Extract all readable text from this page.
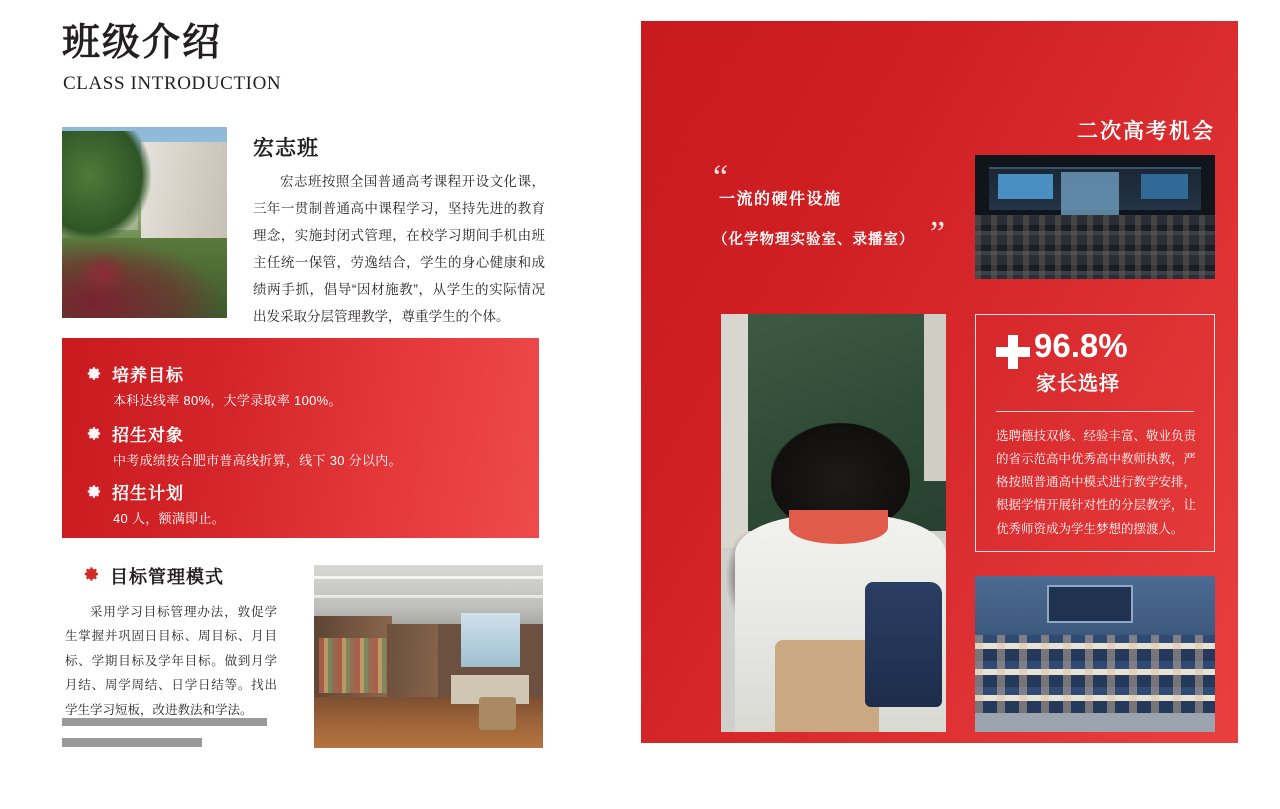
班级介绍
CLASS INTRODUCTION
宏志班
宏志班按照全国普通高考课程开设文化课，三年一贯制普通高中课程学习，坚持先进的教育理念，实施封闭式管理，在校学习期间手机由班主任统一保管，劳逸结合，学生的身心健康和成绩两手抓，倡导“因材施教”，从学生的实际情况出发采取分层管理教学，尊重学生的个体。
培养目标
本科达线率 80%，大学录取率 100%。
招生对象
中考成绩按合肥市普高线折算，线下 30 分以内。
招生计划
40 人，额满即止。
目标管理模式
采用学习目标管理办法，敦促学生掌握并巩固日目标、周目标、月目标、学期目标及学年目标。做到月学月结、周学周结、日学日结等。找出学生学习短板，改进教法和学法。
二次高考机会
“
一流的硬件设施
（化学物理实验室、录播室） ”
96.8%
家长选择
选聘德技双修、经验丰富、敬业负责的省示范高中优秀高中教师执教，严格按照普通高中模式进行教学安排，根据学情开展针对性的分层教学，让优秀师资成为学生梦想的摆渡人。
